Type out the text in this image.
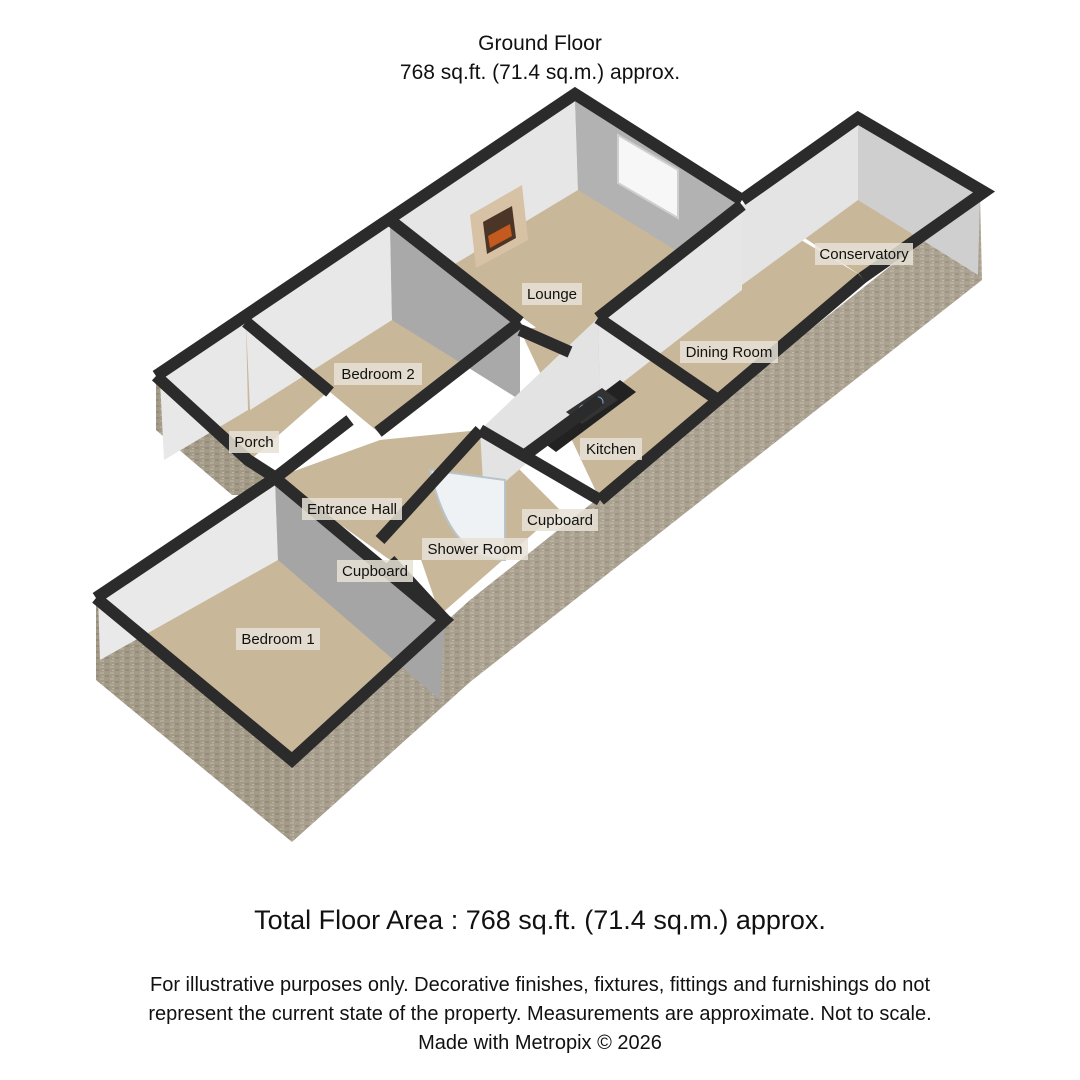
Ground Floor
768 sq.ft. (71.4 sq.m.) approx.
Lounge
Bedroom 2
Porch
Entrance Hall
Cupboard
Cupboard
Shower Room
Kitchen
Dining Room
Conservatory
Bedroom 1
Total Floor Area : 768 sq.ft. (71.4 sq.m.) approx.
For illustrative purposes only. Decorative finishes, fixtures, fittings and furnishings do not
represent the current state of the property. Measurements are approximate. Not to scale.
Made with Metropix © 2026
